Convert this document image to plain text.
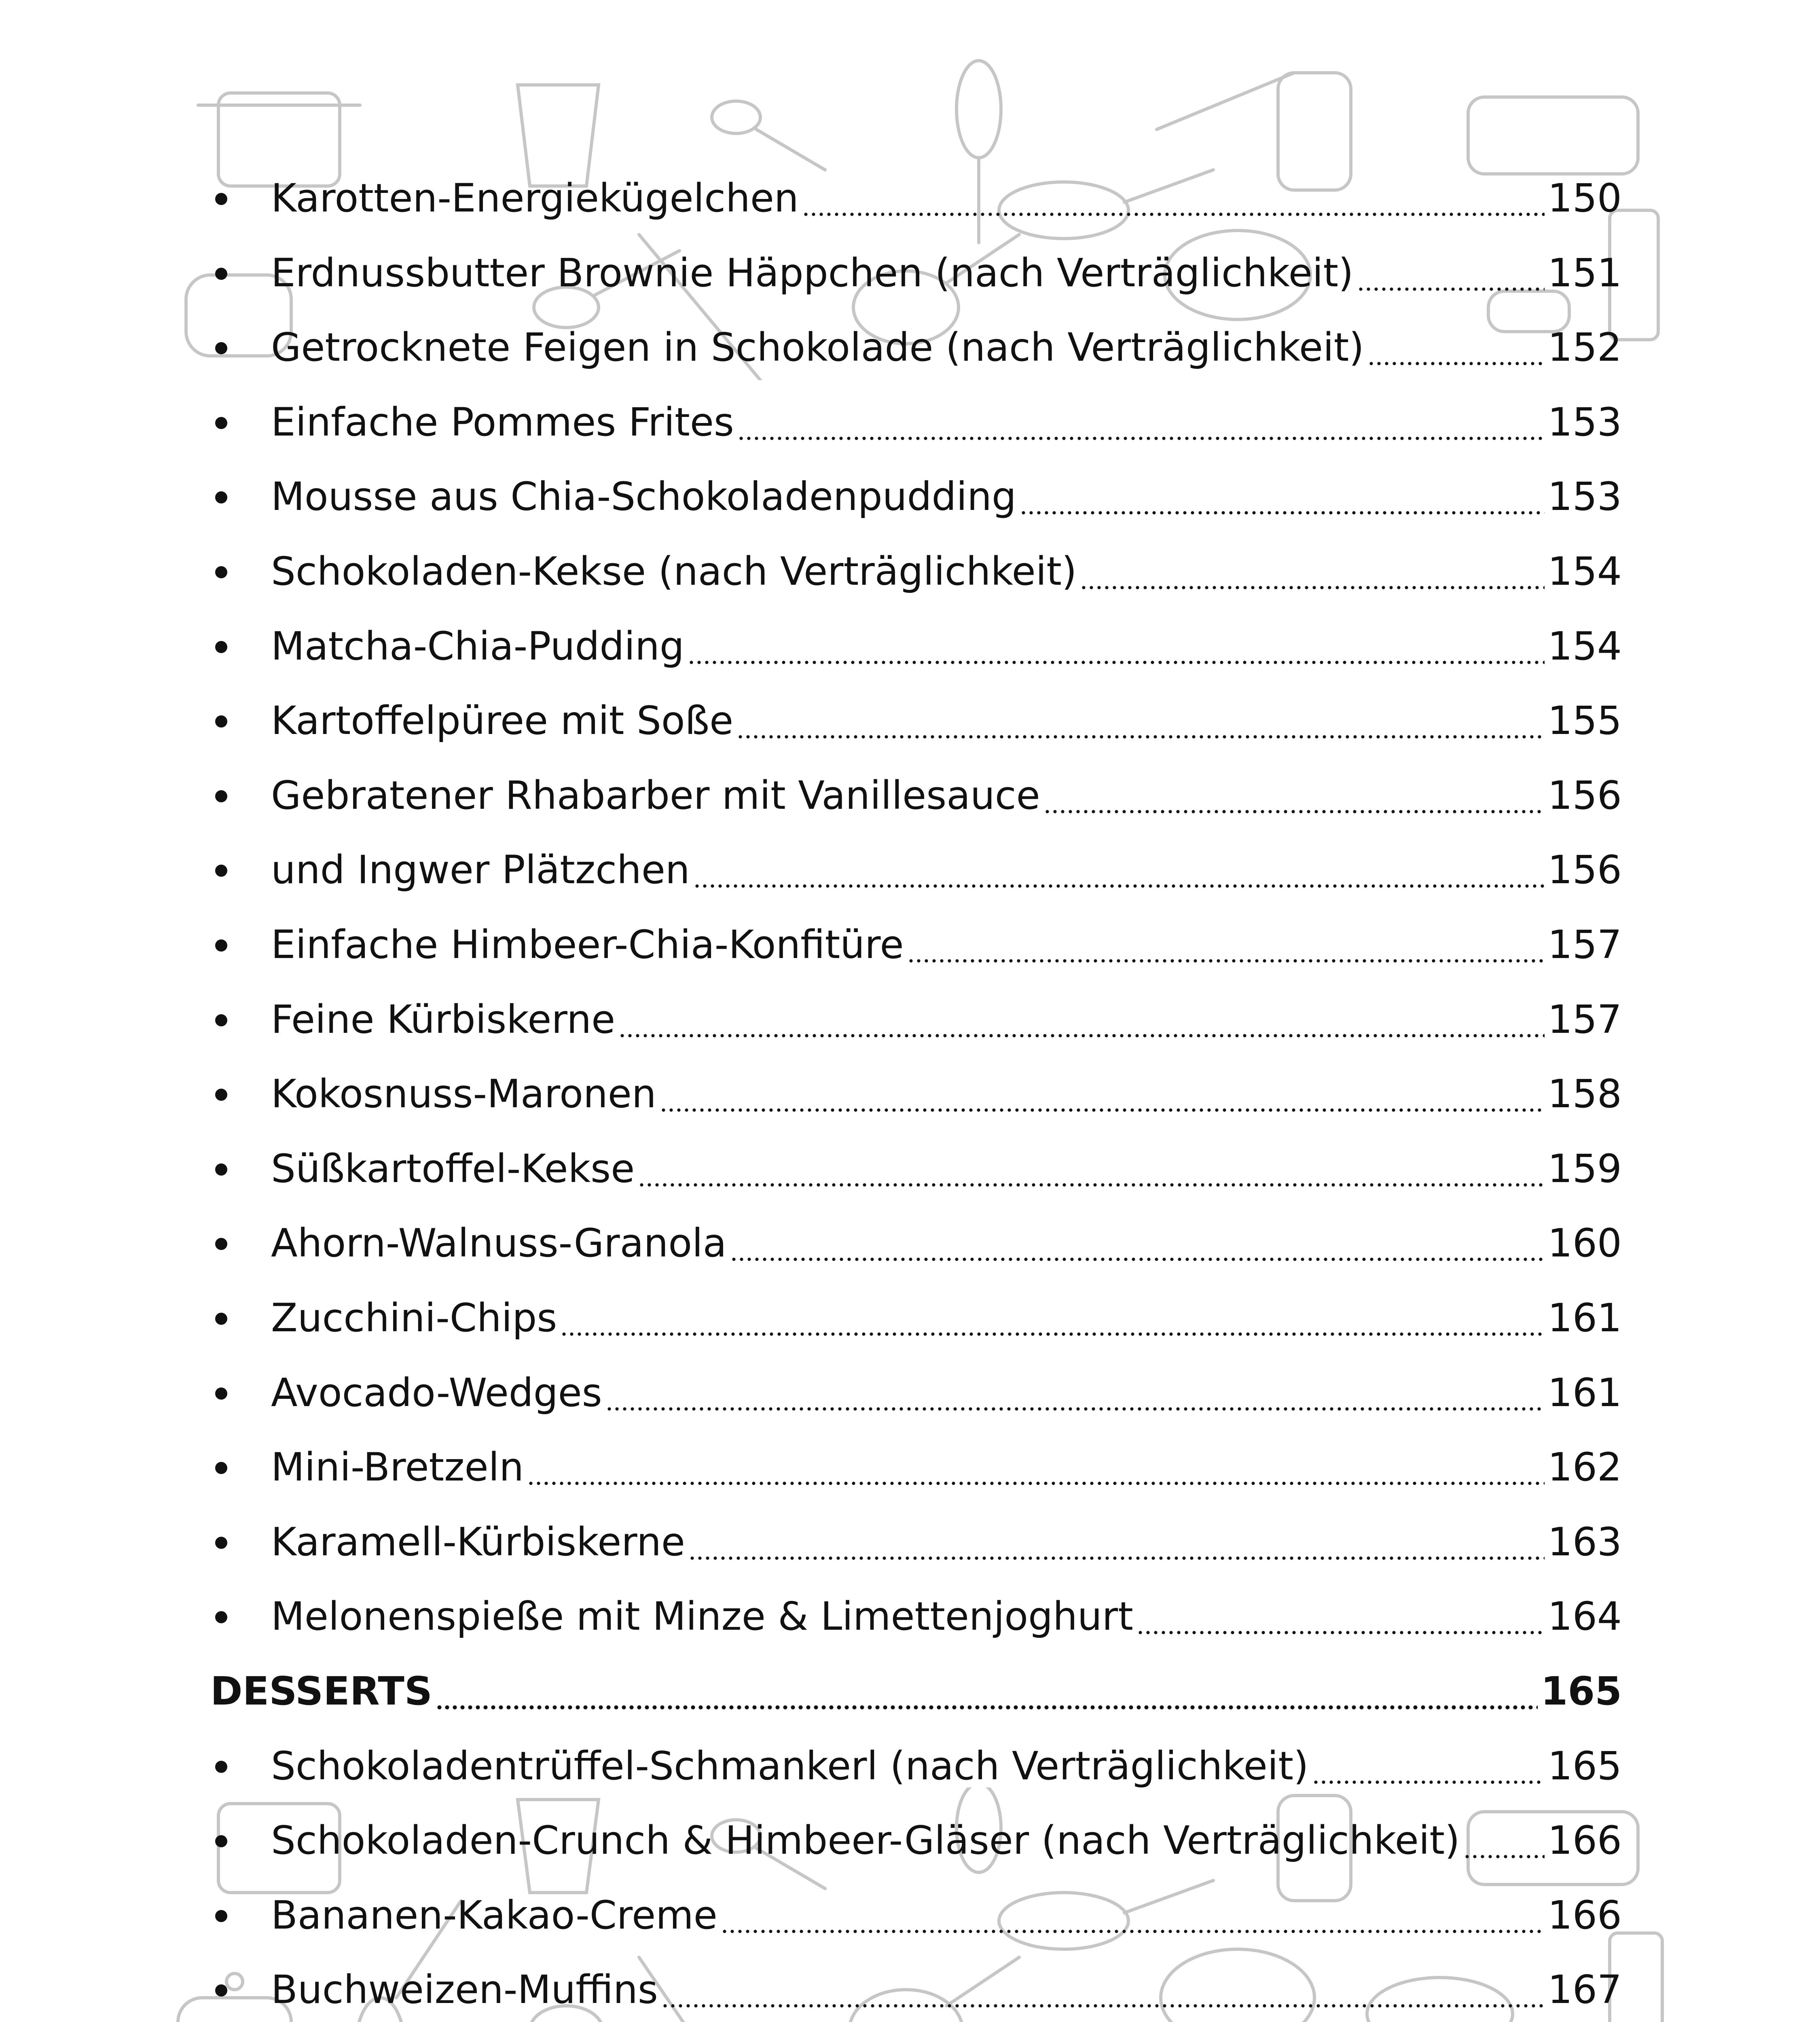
Karotten-Energiekügelchen	150
Erdnussbutter Brownie Häppchen (nach Verträglichkeit)	151
Getrocknete Feigen in Schokolade (nach Verträglichkeit)	152
Einfache Pommes Frites	153
Mousse aus Chia-Schokoladenpudding	153
Schokoladen-Kekse (nach Verträglichkeit)	154
Matcha-Chia-Pudding	154
Kartoffelpüree mit Soße	155
Gebratener Rhabarber mit Vanillesauce	156
und Ingwer Plätzchen	156
Einfache Himbeer-Chia-Konfitüre	157
Feine Kürbiskerne	157
Kokosnuss-Maronen	158
Süßkartoffel-Kekse	159
Ahorn-Walnuss-Granola	160
Zucchini-Chips	161
Avocado-Wedges	161
Mini-Bretzeln	162
Karamell-Kürbiskerne	163
Melonenspieße mit Minze & Limettenjoghurt	164
DESSERTS	165
Schokoladentrüffel-Schmankerl (nach Verträglichkeit)	165
Schokoladen-Crunch & Himbeer-Gläser (nach Verträglichkeit) 166
Bananen-Kakao-Creme	166
Buchweizen-Muffins	167
